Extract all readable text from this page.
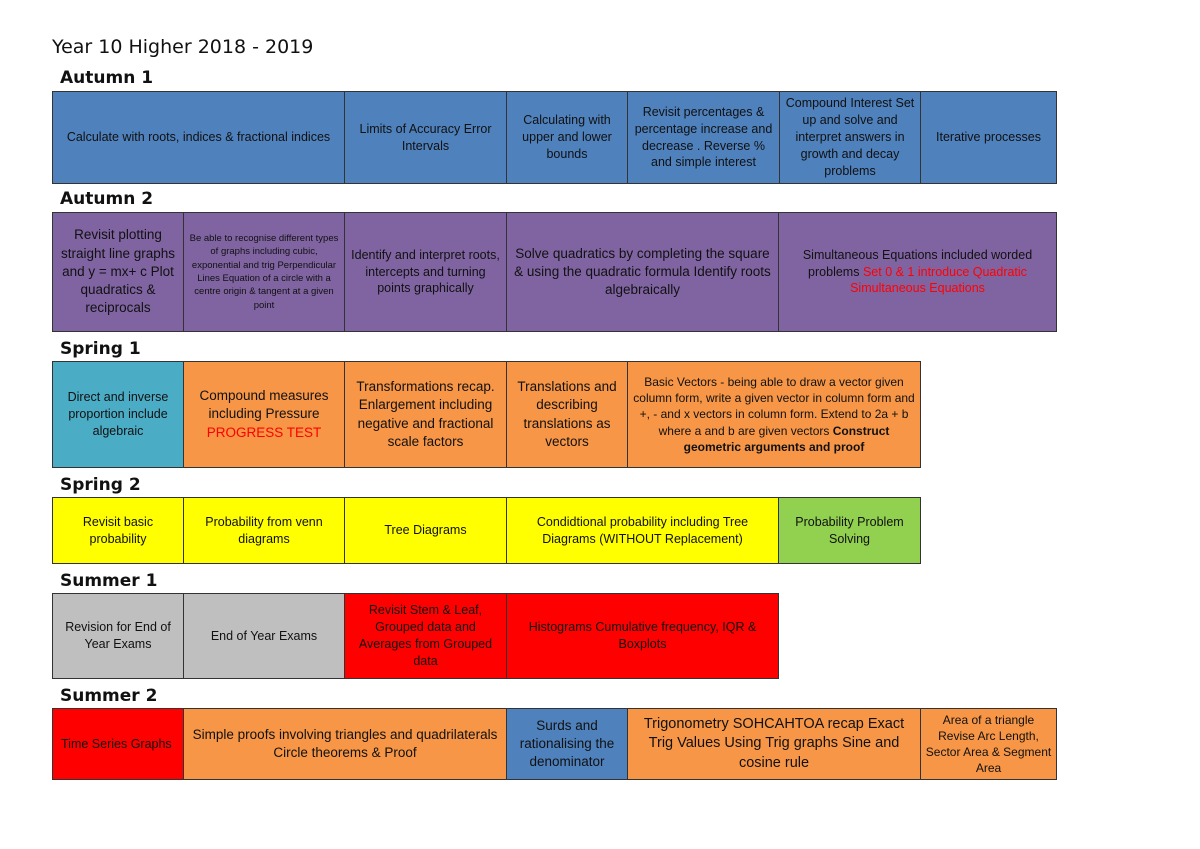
Year 10 Higher 2018 - 2019
Autumn 1
Calculate with roots, indices & fractional indices
Limits of Accuracy Error Intervals
Calculating with upper and lower bounds
Revisit percentages & percentage increase and decrease . Reverse % and simple interest
Compound Interest Set up and solve and interpret answers in growth and decay problems
Iterative processes
Autumn 2
Revisit plotting straight line graphs and y = mx+ c Plot quadratics & reciprocals
Be able to recognise different types of graphs including cubic, exponential and trig Perpendicular Lines Equation of a circle with a centre origin & tangent at a given point
Identify and interpret roots, intercepts and turning points graphically
Solve quadratics by completing the square & using the quadratic formula Identify roots algebraically
Simultaneous Equations included worded problems Set 0 & 1 introduce Quadratic Simultaneous Equations
Spring 1
Direct and inverse proportion include algebraic
Compound measures including Pressure
PROGRESS TEST
Transformations recap. Enlargement including negative and fractional scale factors
Translations and describing translations as vectors
Basic Vectors - being able to draw a vector given column form, write a given vector in column form and +, - and x vectors in column form. Extend to 2a + b where a and b are given vectors Construct geometric arguments and proof
Spring 2
Revisit basic probability
Probability from venn diagrams
Tree Diagrams
Condidtional probability including Tree Diagrams (WITHOUT Replacement)
Probability Problem Solving
Summer 1
Revision for End of Year Exams
End of Year Exams
Revisit Stem & Leaf, Grouped data and Averages from Grouped data
Histograms Cumulative frequency, IQR & Boxplots
Summer 2
Time Series Graphs
Simple proofs involving triangles and quadrilaterals Circle theorems & Proof
Surds and rationalising the denominator
Trigonometry SOHCAHTOA recap Exact Trig Values Using Trig graphs Sine and cosine rule
Area of a triangle Revise Arc Length, Sector Area & Segment Area
